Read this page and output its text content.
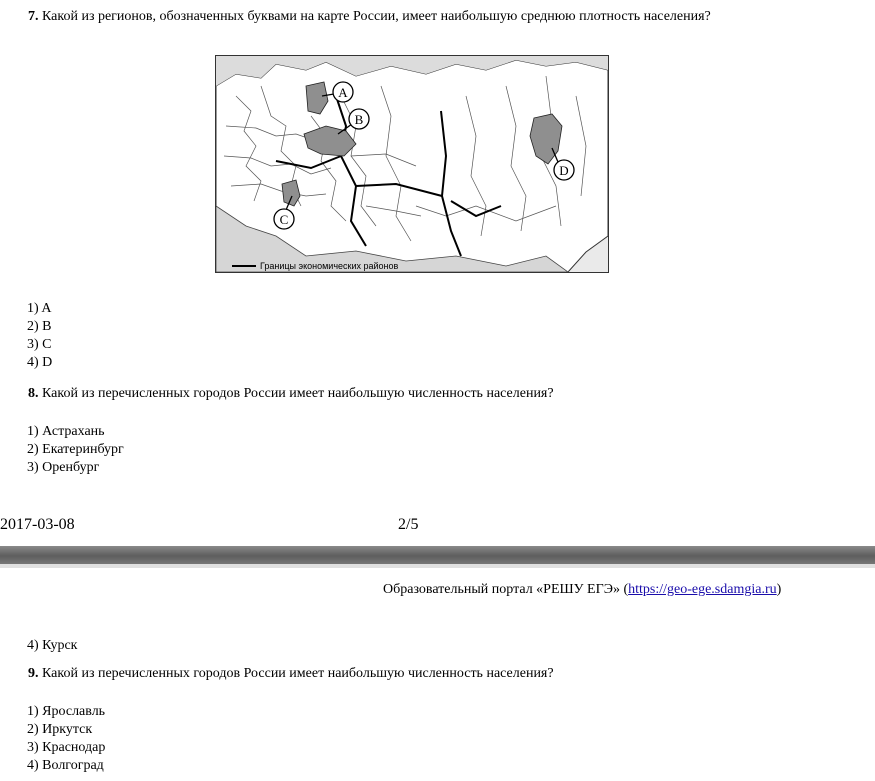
7. Какой из регионов, обозначенных буквами на карте России, имеет наибольшую среднюю плотность населения?
A
B
C
D
Границы экономических районов
1) A
2) B
3) C
4) D
8. Какой из перечисленных городов России имеет наибольшую численность населения?
1) Астрахань
2) Екатеринбург
3) Оренбург
2017-03-08	2/5
Образовательный портал «РЕШУ ЕГЭ» (https://geo-ege.sdamgia.ru)
4) Курск
9. Какой из перечисленных городов России имеет наибольшую численность населения?
1) Ярославль
2) Иркутск
3) Краснодар
4) Волгоград
